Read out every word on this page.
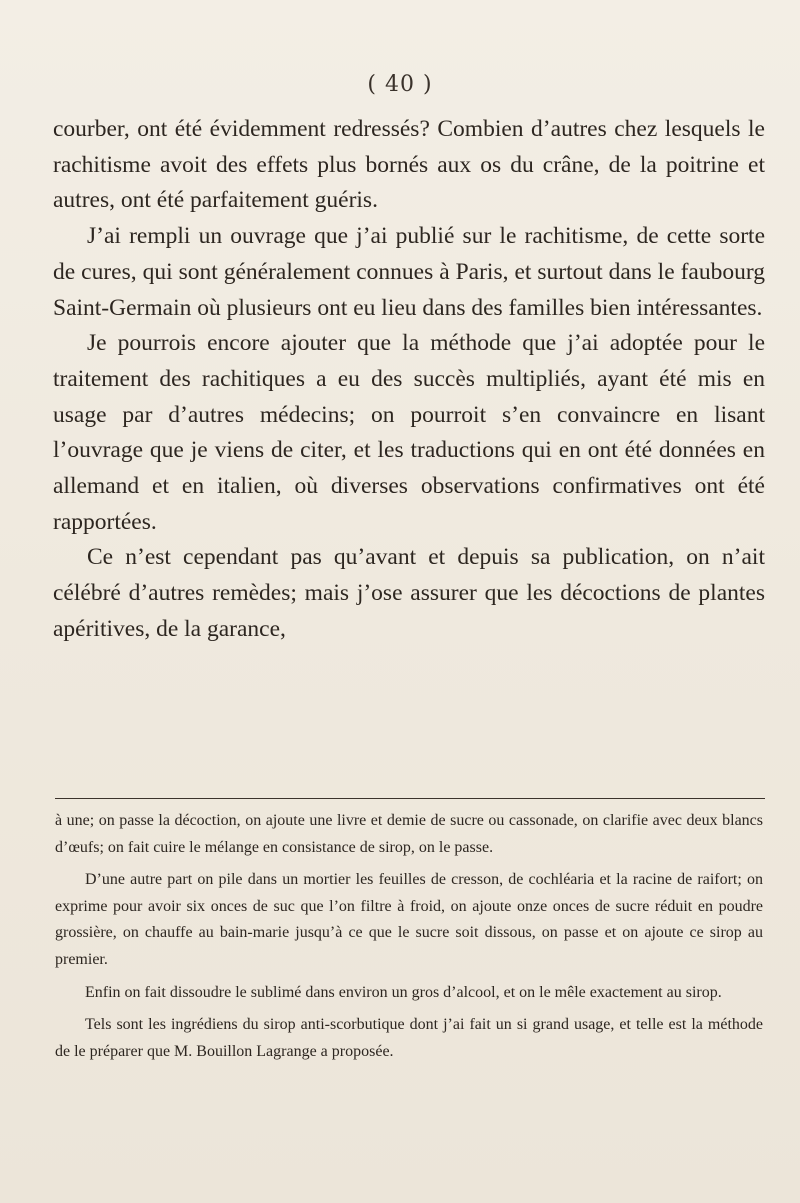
( 40 )

courber, ont été évidemment redressés? Combien d’autres chez lesquels le rachitisme avoit des effets plus bornés aux os du crâne, de la poitrine et autres, ont été parfaitement guéris.

J’ai rempli un ouvrage que j’ai publié sur le rachitisme, de cette sorte de cures, qui sont généralement connues à Paris, et surtout dans le faubourg Saint-Germain où plusieurs ont eu lieu dans des familles bien intéressantes.

Je pourrois encore ajouter que la méthode que j’ai adoptée pour le traitement des rachitiques a eu des succès multipliés, ayant été mis en usage par d’autres médecins; on pourroit s’en convaincre en lisant l’ouvrage que je viens de citer, et les traductions qui en ont été données en allemand et en italien, où diverses observations confirmatives ont été rapportées.

Ce n’est cependant pas qu’avant et depuis sa publication, on n’ait célébré d’autres remèdes; mais j’ose assurer que les décoctions de plantes apéritives, de la garance,

à une; on passe la décoction, on ajoute une livre et demie de sucre ou cassonade, on clarifie avec deux blancs d’œufs; on fait cuire le mélange en consistance de sirop, on le passe.

D’une autre part on pile dans un mortier les feuilles de cresson, de cochléaria et la racine de raifort; on exprime pour avoir six onces de suc que l’on filtre à froid, on ajoute onze onces de sucre réduit en poudre grossière, on chauffe au bain-marie jusqu’à ce que le sucre soit dissous, on passe et on ajoute ce sirop au premier.

Enfin on fait dissoudre le sublimé dans environ un gros d’alcool, et on le mêle exactement au sirop.

Tels sont les ingrédiens du sirop anti-scorbutique dont j’ai fait un si grand usage, et telle est la méthode de le préparer que M. Bouillon Lagrange a proposée.
